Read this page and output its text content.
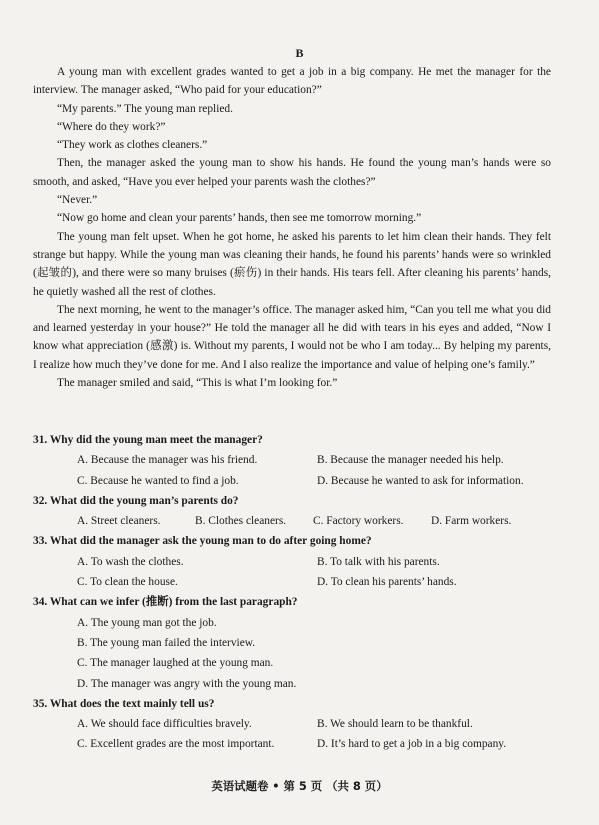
B

A young man with excellent grades wanted to get a job in a big company. He met the manager for the interview. The manager asked, “Who paid for your education?”

“My parents.” The young man replied.

“Where do they work?”

“They work as clothes cleaners.”

Then, the manager asked the young man to show his hands. He found the young man’s hands were so smooth, and asked, “Have you ever helped your parents wash the clothes?”

“Never.”

“Now go home and clean your parents’ hands, then see me tomorrow morning.”

The young man felt upset. When he got home, he asked his parents to let him clean their hands. They felt strange but happy. While the young man was cleaning their hands, he found his parents’ hands were so wrinkled (起皱的), and there were so many bruises (瘀伤) in their hands. His tears fell. After cleaning his parents’ hands, he quietly washed all the rest of clothes.

The next morning, he went to the manager’s office. The manager asked him, “Can you tell me what you did and learned yesterday in your house?” He told the manager all he did with tears in his eyes and added, “Now I know what appreciation (感激) is. Without my parents, I would not be who I am today... By helping my parents, I realize how much they’ve done for me. And I also realize the importance and value of helping one’s family.”

The manager smiled and said, “This is what I’m looking for.”

31. Why did the young man meet the manager?

A. Because the manager was his friend.	B. Because the manager needed his help.
C. Because he wanted to find a job.	D. Because he wanted to ask for information.

32. What did the young man’s parents do?

A. Street cleaners.	B. Clothes cleaners.	C. Factory workers.	D. Farm workers.

33. What did the manager ask the young man to do after going home?

A. To wash the clothes.	B. To talk with his parents.
C. To clean the house.	D. To clean his parents’ hands.

34. What can we infer (推断) from the last paragraph?

A. The young man got the job.
B. The young man failed the interview.
C. The manager laughed at the young man.
D. The manager was angry with the young man.

35. What does the text mainly tell us?

A. We should face difficulties bravely.	B. We should learn to be thankful.
C. Excellent grades are the most important.	D. It’s hard to get a job in a big company.
英语试题卷 • 第 5 页 （共 8 页）
